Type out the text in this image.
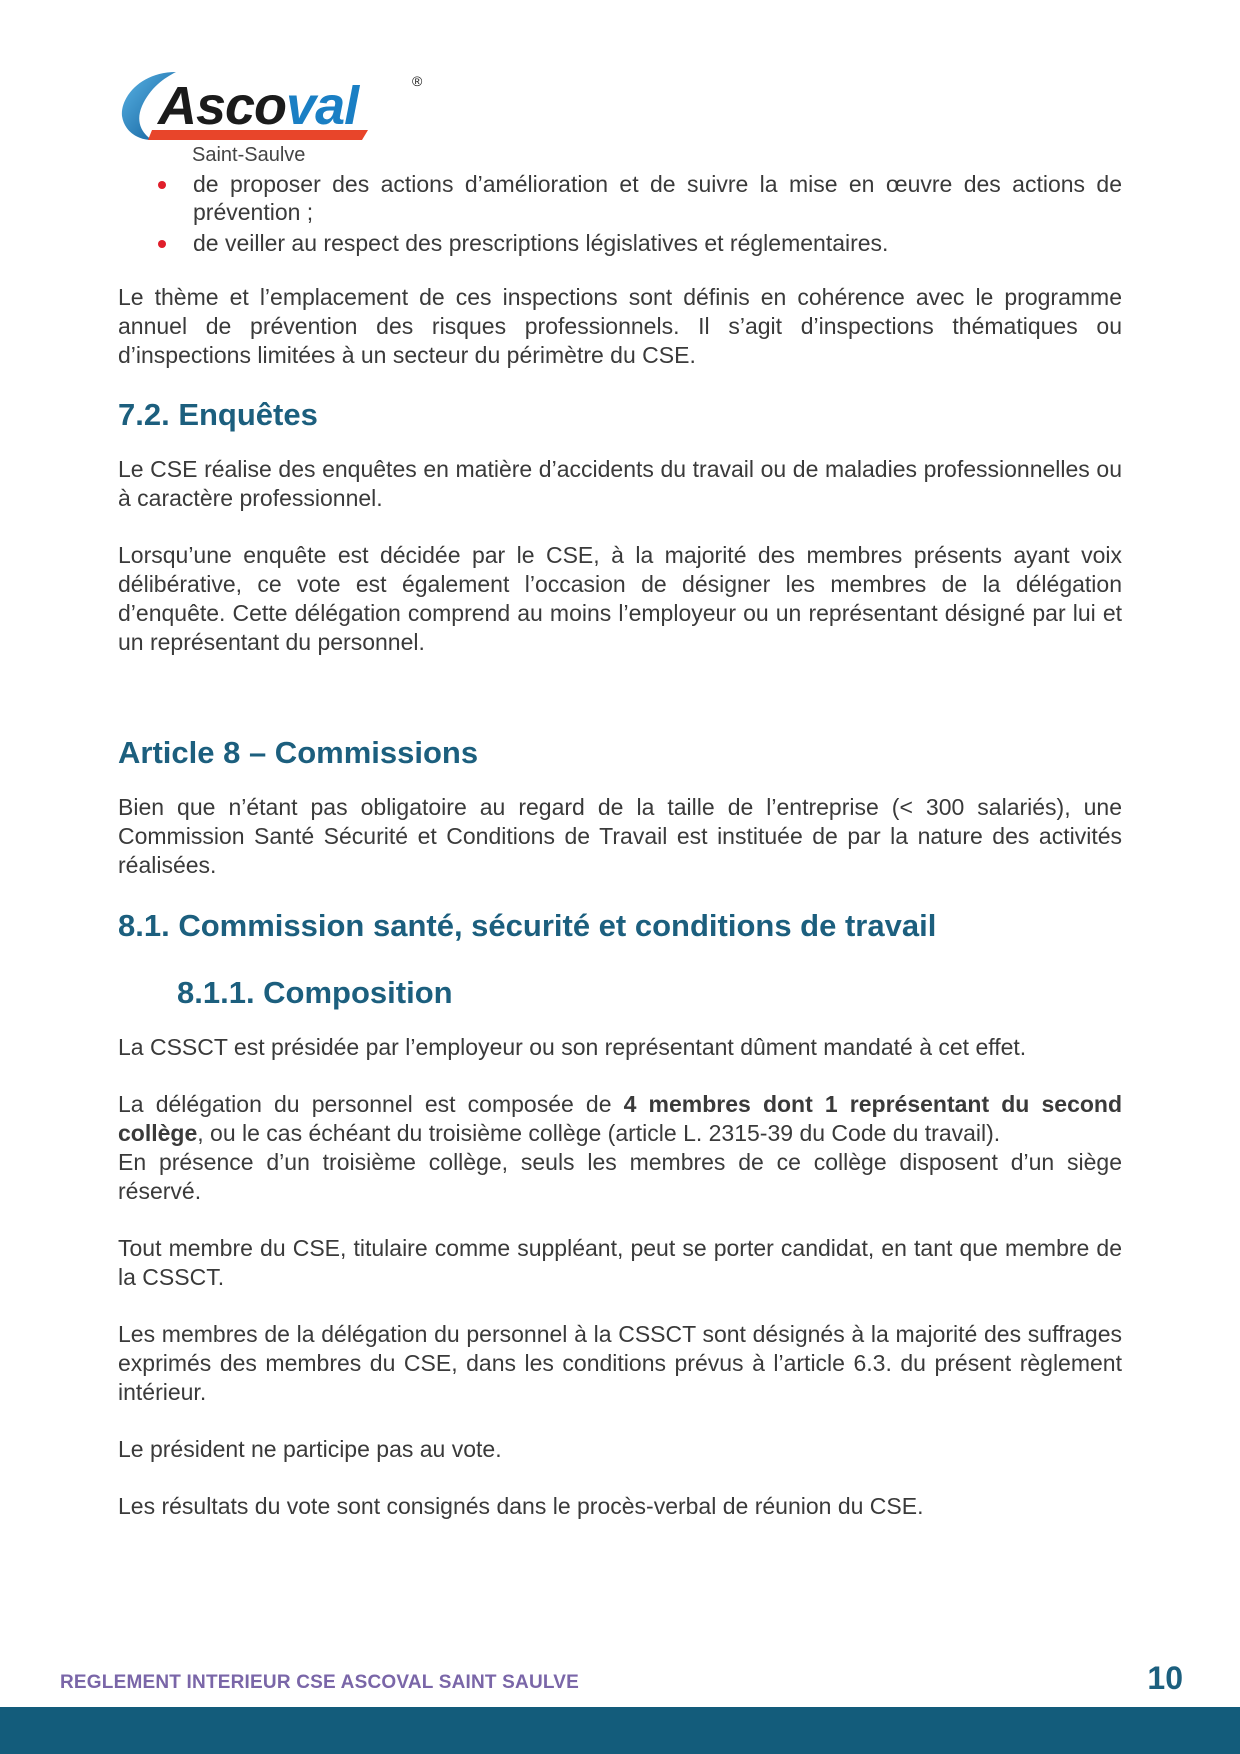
Ascoval	®
Saint-Saulve
de proposer des actions d’amélioration et de suivre la mise en œuvre des actions de prévention ;
de veiller au respect des prescriptions législatives et réglementaires.

Le thème et l’emplacement de ces inspections sont définis en cohérence avec le programme annuel de prévention des risques professionnels. Il s’agit d’inspections thématiques ou d’inspections limitées à un secteur du périmètre du CSE.

7.2. Enquêtes

Le CSE réalise des enquêtes en matière d’accidents du travail ou de maladies professionnelles ou à caractère professionnel.

Lorsqu’une enquête est décidée par le CSE, à la majorité des membres présents ayant voix délibérative, ce vote est également l’occasion de désigner les membres de la délégation d’enquête. Cette délégation comprend au moins l’employeur ou un représentant désigné par lui et un représentant du personnel.

Article 8 – Commissions

Bien que n’étant pas obligatoire au regard de la taille de l’entreprise (< 300 salariés), une Commission Santé Sécurité et Conditions de Travail est instituée de par la nature des activités réalisées.

8.1. Commission santé, sécurité et conditions de travail
8.1.1. Composition

La CSSCT est présidée par l’employeur ou son représentant dûment mandaté à cet effet.

La délégation du personnel est composée de 4 membres dont 1 représentant du second collège, ou le cas échéant du troisième collège (article L. 2315-39 du Code du travail).

En présence d’un troisième collège, seuls les membres de ce collège disposent d’un siège réservé.

Tout membre du CSE, titulaire comme suppléant, peut se porter candidat, en tant que membre de la CSSCT.

Les membres de la délégation du personnel à la CSSCT sont désignés à la majorité des suffrages exprimés des membres du CSE, dans les conditions prévus à l’article 6.3. du présent règlement intérieur.

Le président ne participe pas au vote.

Les résultats du vote sont consignés dans le procès-verbal de réunion du CSE.

REGLEMENT INTERIEUR CSE ASCOVAL SAINT SAULVE	10
